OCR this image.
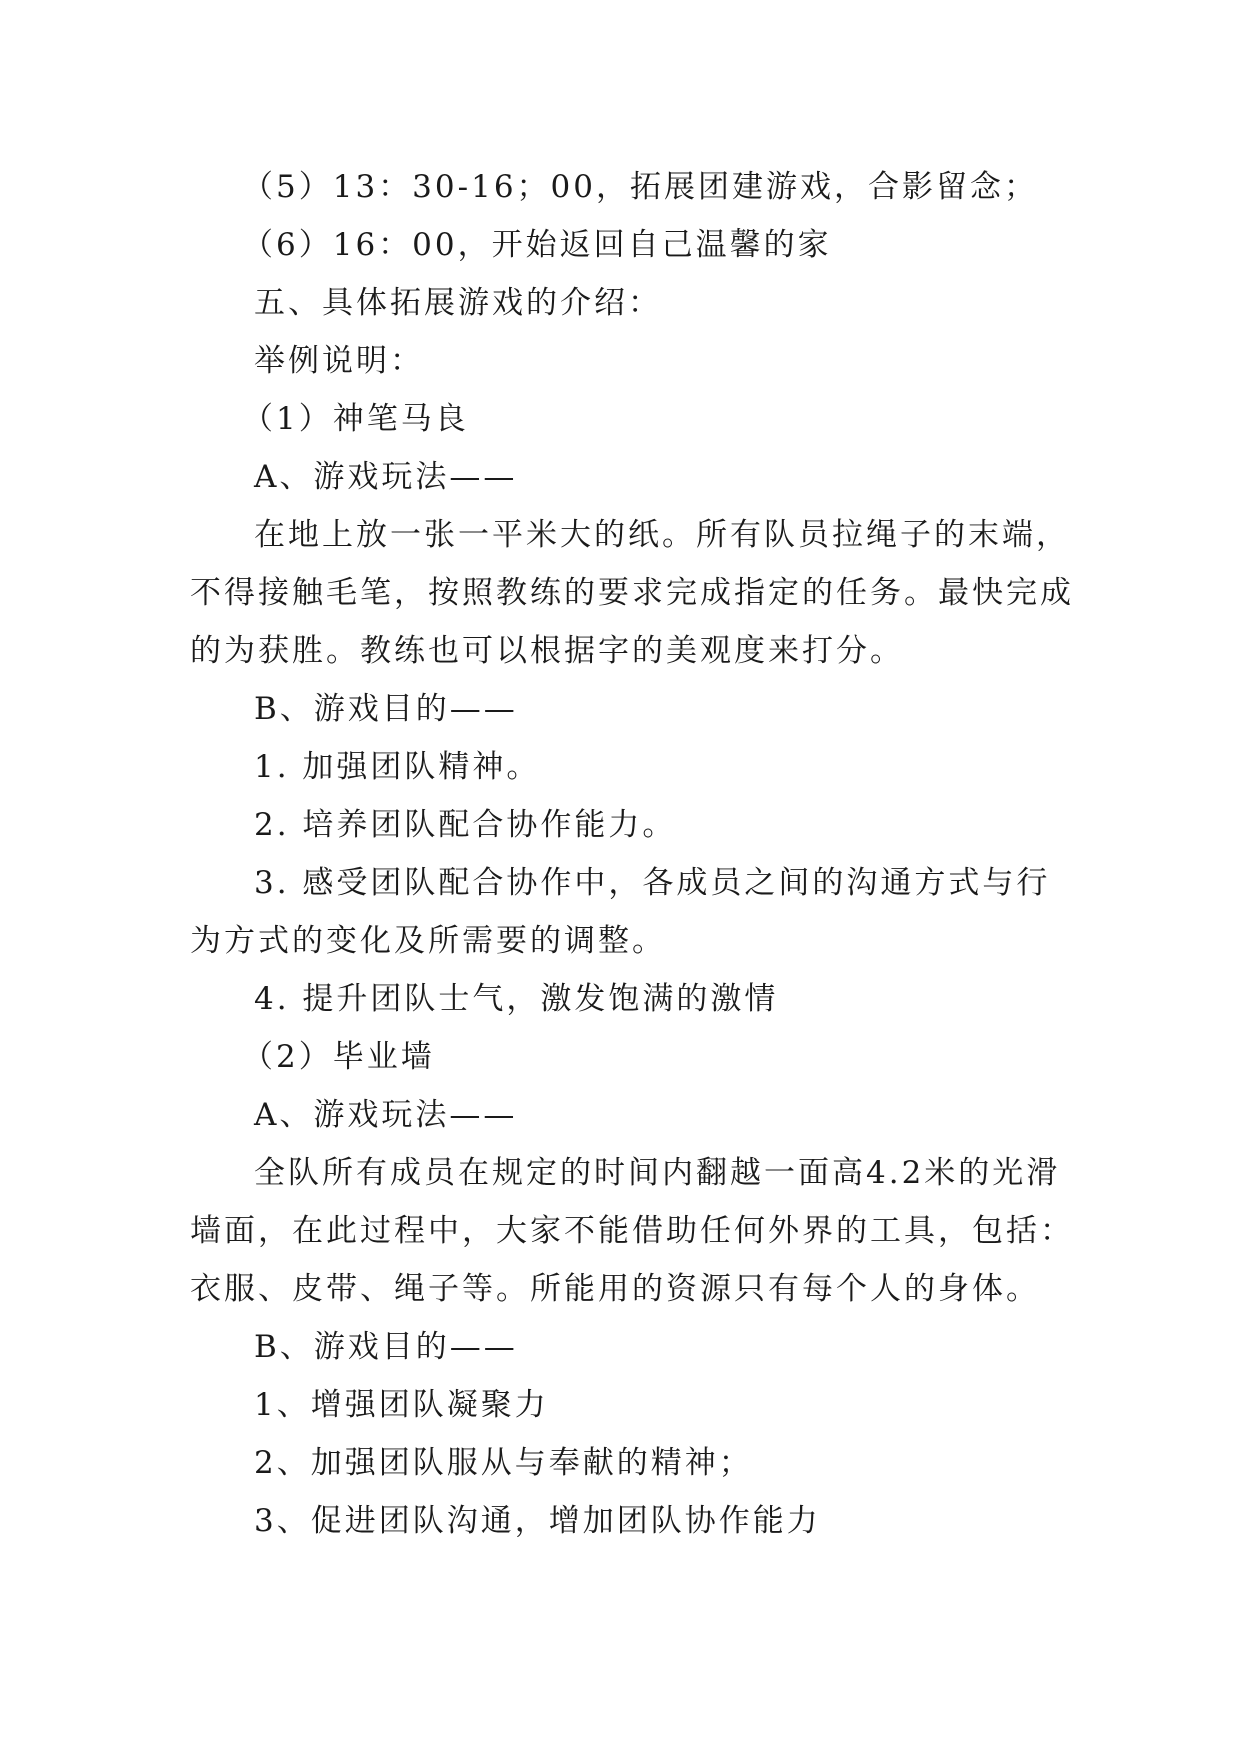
（5）13：30-16；00，拓展团建游戏，合影留念；

（6）16：00，开始返回自己温馨的家

五、具体拓展游戏的介绍：

举例说明：

（1）神笔马良

A、游戏玩法——

在地上放一张一平米大的纸。所有队员拉绳子的末端，
不得接触毛笔，按照教练的要求完成指定的任务。最快完成
的为获胜。教练也可以根据字的美观度来打分。

B、游戏目的——

1. 加强团队精神。

2. 培养团队配合协作能力。

3. 感受团队配合协作中，各成员之间的沟通方式与行
为方式的变化及所需要的调整。

4. 提升团队士气，激发饱满的激情

（2）毕业墙

A、游戏玩法——

全队所有成员在规定的时间内翻越一面高4.2米的光滑
墙面，在此过程中，大家不能借助任何外界的工具，包括：
衣服、皮带、绳子等。所能用的资源只有每个人的身体。

B、游戏目的——

1、增强团队凝聚力

2、加强团队服从与奉献的精神；

3、促进团队沟通，增加团队协作能力
